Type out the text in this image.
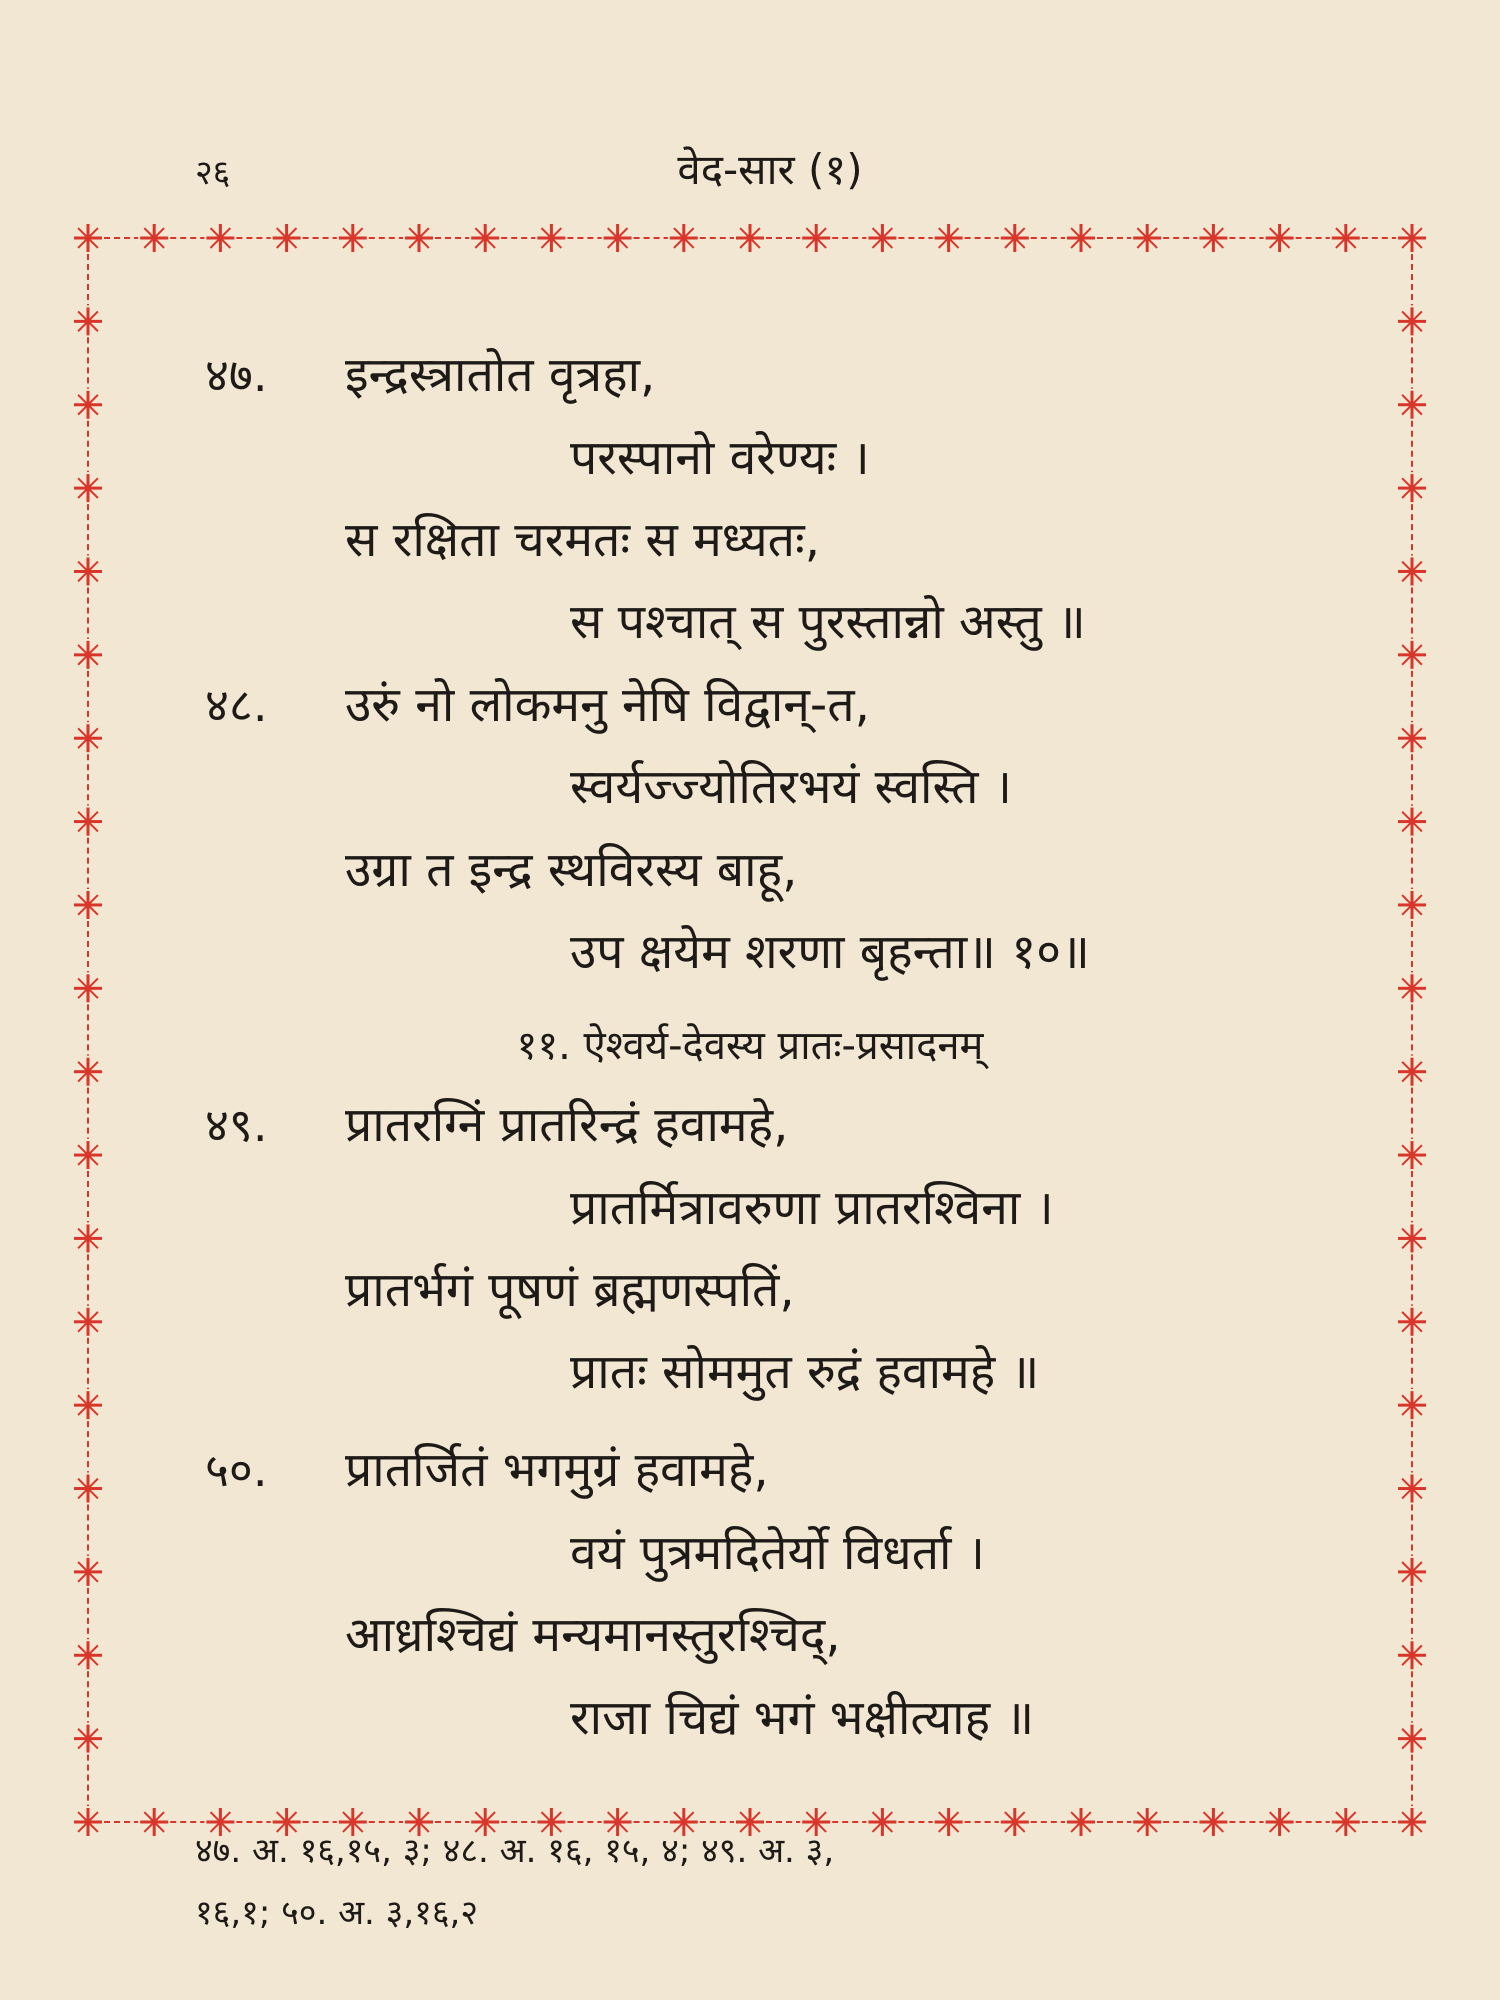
२६	वेद-सार (१)
४७. इन्द्रस्त्रातोत वृत्रहा,
परस्पानो वरेण्यः ।
स रक्षिता चरमतः स मध्यतः,
स पश्चात् स पुरस्तान्नो अस्तु ॥
४८. उरुं नो लोकमनु नेषि विद्वान्-त,
स्वर्यज्ज्योतिरभयं स्वस्ति ।
उग्रा त इन्द्र स्थविरस्य बाहू,
उप क्षयेम शरणा बृहन्ता॥ १०॥
११. ऐश्वर्य-देवस्य प्रातः-प्रसादनम्
४९. प्रातरग्निं प्रातरिन्द्रं हवामहे,
प्रातर्मित्रावरुणा प्रातरश्विना ।
प्रातर्भगं पूषणं ब्रह्मणस्पतिं,
प्रातः सोममुत रुद्रं हवामहे ॥
५०. प्रातर्जितं भगमुग्रं हवामहे,
वयं पुत्रमदितेर्यो विधर्ता ।
आध्रश्चिद्यं मन्यमानस्तुरश्चिद्,
राजा चिद्यं भगं भक्षीत्याह ॥
४७. अ. १६,१५, ३; ४८. अ. १६, १५, ४; ४९. अ. ३,
१६,१; ५०. अ. ३,१६,२
